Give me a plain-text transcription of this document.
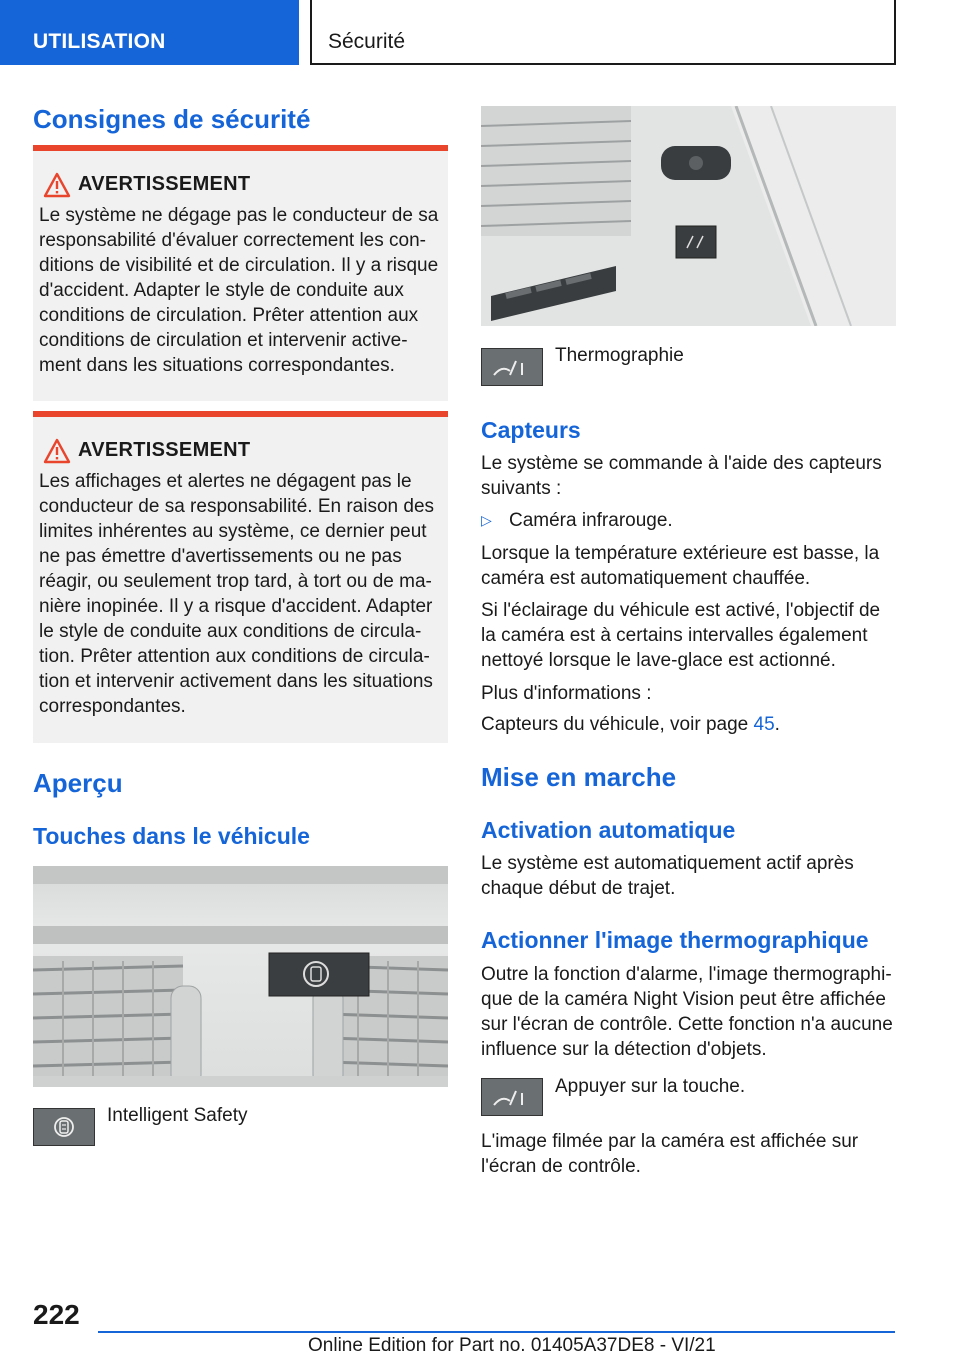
UTILISATION	Sécurité
Consignes de sécurité
AVERTISSEMENT
Le système ne dégage pas le conducteur de sa
responsabilité d'évaluer correctement les con‐
ditions de visibilité et de circulation. Il y a risque
d'accident. Adapter le style de conduite aux
conditions de circulation. Prêter attention aux
conditions de circulation et intervenir active‐
ment dans les situations correspondantes.
AVERTISSEMENT
Les affichages et alertes ne dégagent pas le
conducteur de sa responsabilité. En raison des
limites inhérentes au système, ce dernier peut
ne pas émettre d'avertissements ou ne pas
réagir, ou seulement trop tard, à tort ou de ma‐
nière inopinée. Il y a risque d'accident. Adapter
le style de conduite aux conditions de circula‐
tion. Prêter attention aux conditions de circula‐
tion et intervenir activement dans les situations
correspondantes.
Aperçu
Touches dans le véhicule
Intelligent Safety
Thermographie
Capteurs
Le système se commande à l'aide des capteurs
suivants :
▷ Caméra infrarouge.
Lorsque la température extérieure est basse, la
caméra est automatiquement chauffée.
Si l'éclairage du véhicule est activé, l'objectif de
la caméra est à certains intervalles également
nettoyé lorsque le lave-glace est actionné.
Plus d'informations :
Capteurs du véhicule, voir page 45.
Mise en marche
Activation automatique
Le système est automatiquement actif après
chaque début de trajet.
Actionner l'image thermographique
Outre la fonction d'alarme, l'image thermographi‐
que de la caméra Night Vision peut être affichée
sur l'écran de contrôle. Cette fonction n'a aucune
influence sur la détection d'objets.
Appuyer sur la touche.
L'image filmée par la caméra est affichée sur
l'écran de contrôle.
222
Online Edition for Part no. 01405A37DE8 - VI/21
